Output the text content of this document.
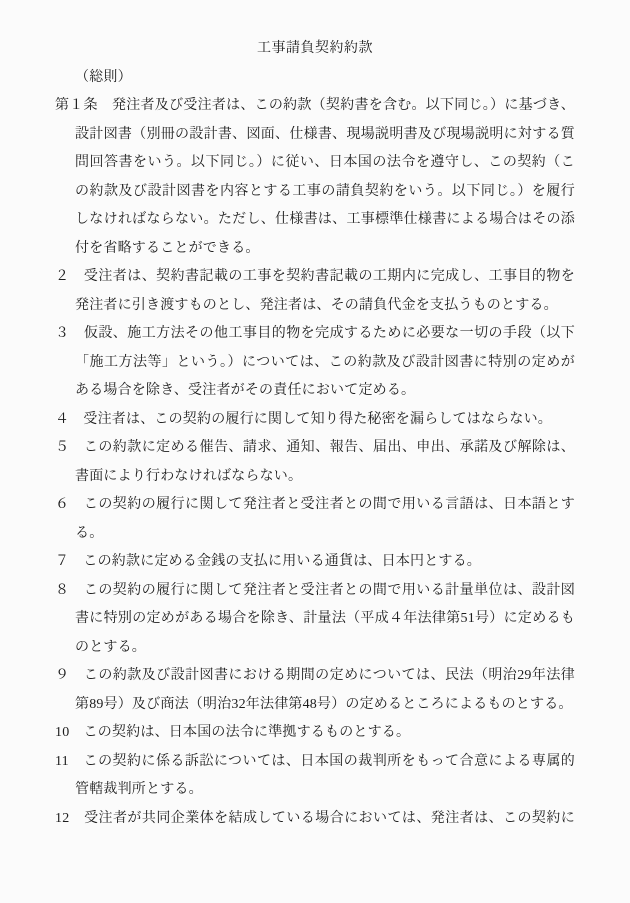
工事請負契約約款
（総則）
第１条　発注者及び受注者は、この約款（契約書を含む。以下同じ。）に基づき、
設計図書（別冊の設計書、図面、仕様書、現場説明書及び現場説明に対する質
問回答書をいう。以下同じ。）に従い、日本国の法令を遵守し、この契約（こ
の約款及び設計図書を内容とする工事の請負契約をいう。以下同じ。）を履行
しなければならない。ただし、仕様書は、工事標準仕様書による場合はその添
付を省略することができる。
２　受注者は、契約書記載の工事を契約書記載の工期内に完成し、工事目的物を
発注者に引き渡すものとし、発注者は、その請負代金を支払うものとする。
３　仮設、施工方法その他工事目的物を完成するために必要な一切の手段（以下
「施工方法等」という。）については、この約款及び設計図書に特別の定めが
ある場合を除き、受注者がその責任において定める。
４　受注者は、この契約の履行に関して知り得た秘密を漏らしてはならない。
５　この約款に定める催告、請求、通知、報告、届出、申出、承諾及び解除は、
書面により行わなければならない。
６　この契約の履行に関して発注者と受注者との間で用いる言語は、日本語とす
る。
７　この約款に定める金銭の支払に用いる通貨は、日本円とする。
８　この契約の履行に関して発注者と受注者との間で用いる計量単位は、設計図
書に特別の定めがある場合を除き、計量法（平成４年法律第51号）に定めるも
のとする。
９　この約款及び設計図書における期間の定めについては、民法（明治29年法律
第89号）及び商法（明治32年法律第48号）の定めるところによるものとする。
10　この契約は、日本国の法令に準拠するものとする。
11　この契約に係る訴訟については、日本国の裁判所をもって合意による専属的
管轄裁判所とする。
12　受注者が共同企業体を結成している場合においては、発注者は、この契約に
